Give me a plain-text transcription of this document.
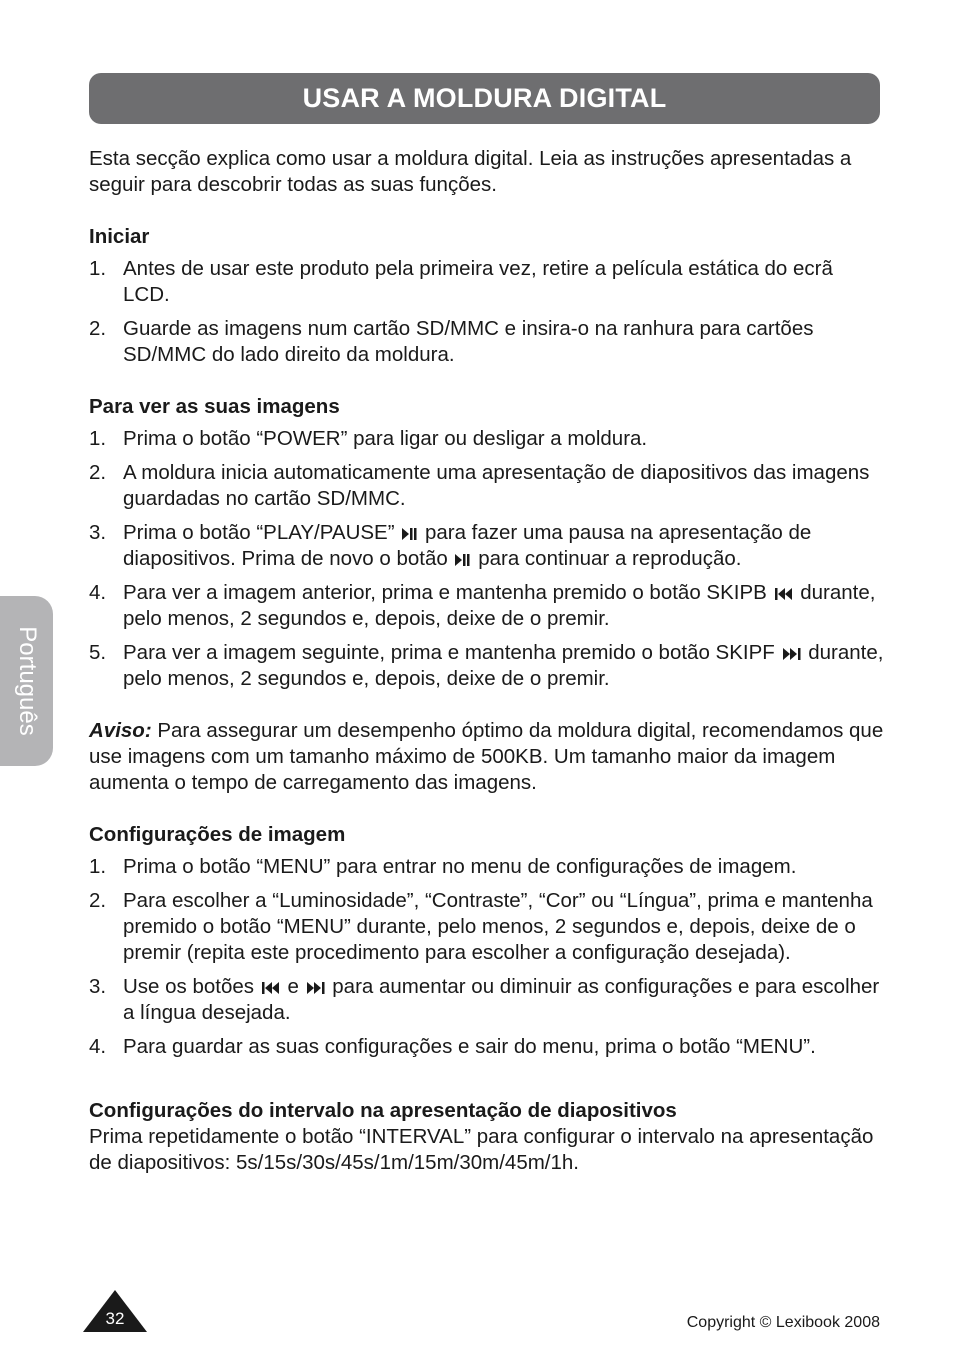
USAR A MOLDURA DIGITAL
Português

Esta secção explica como usar a moldura digital. Leia as instruções apresentadas a seguir para descobrir todas as suas funções.

Iniciar

1. Antes de usar este produto pela primeira vez, retire a película estática do ecrã LCD.
2. Guarde as imagens num cartão SD/MMC e insira-o na ranhura para cartões SD/MMC do lado direito da moldura.

Para ver as suas imagens

1. Prima o botão “POWER” para ligar ou desligar a moldura.
2. A moldura inicia automaticamente uma apresentação de diapositivos das imagens guardadas no cartão SD/MMC.
3. Prima o botão “PLAY/PAUSE” para fazer uma pausa na apresentação de diapositivos. Prima de novo o botão para continuar a reprodução.
4. Para ver a imagem anterior, prima e mantenha premido o botão SKIPB durante, pelo menos, 2 segundos e, depois, deixe de o premir.
5. Para ver a imagem seguinte, prima e mantenha premido o botão SKIPF durante, pelo menos, 2 segundos e, depois, deixe de o premir.

Aviso: Para assegurar um desempenho óptimo da moldura digital, recomendamos que use imagens com um tamanho máximo de 500KB. Um tamanho maior da imagem aumenta o tempo de carregamento das imagens.

Configurações de imagem

1. Prima o botão “MENU” para entrar no menu de configurações de imagem.
2. Para escolher a “Luminosidade”, “Contraste”, “Cor” ou “Língua”, prima e mantenha premido o botão “MENU” durante, pelo menos, 2 segundos e, depois, deixe de o premir (repita este procedimento para escolher a configuração desejada).
3. Use os botões e para aumentar ou diminuir as configurações e para escolher a língua desejada.
4. Para guardar as suas configurações e sair do menu, prima o botão “MENU”.

Configurações do intervalo na apresentação de diapositivos

Prima repetidamente o botão “INTERVAL” para configurar o intervalo na apresentação de diapositivos: 5s/15s/30s/45s/1m/15m/30m/45m/1h.

32	Copyright © Lexibook 2008
